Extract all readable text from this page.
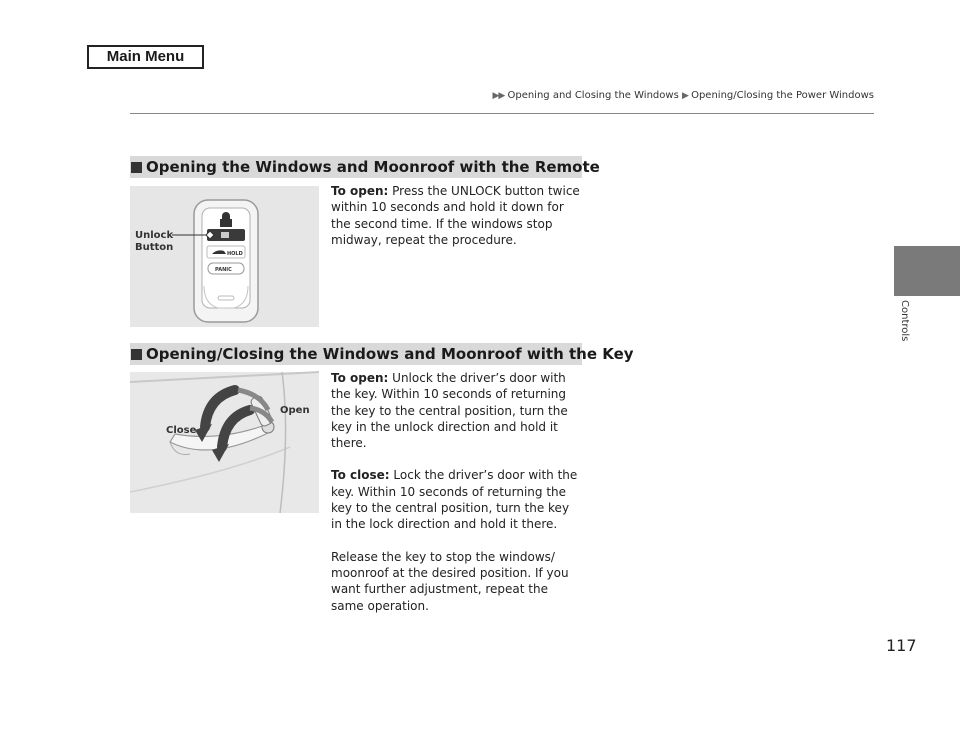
Main Menu
▶▶ Opening and Closing the Windows ▶ Opening/Closing the Power Windows
Controls
Opening the Windows and Moonroof with the Remote
HOLD
PANIC
Unlock
Button

To open: Press the UNLOCK button twice within 10 seconds and hold it down for the second time. If the windows stop midway, repeat the procedure.

Opening/Closing the Windows and Moonroof with the Key
Close
Open

To open: Unlock the driver’s door with the key. Within 10 seconds of returning the key to the central position, turn the key in the unlock direction and hold it there.

To close: Lock the driver’s door with the key. Within 10 seconds of returning the key to the central position, turn the key in the lock direction and hold it there.

Release the key to stop the windows/ moonroof at the desired position. If you want further adjustment, repeat the same operation.

117
